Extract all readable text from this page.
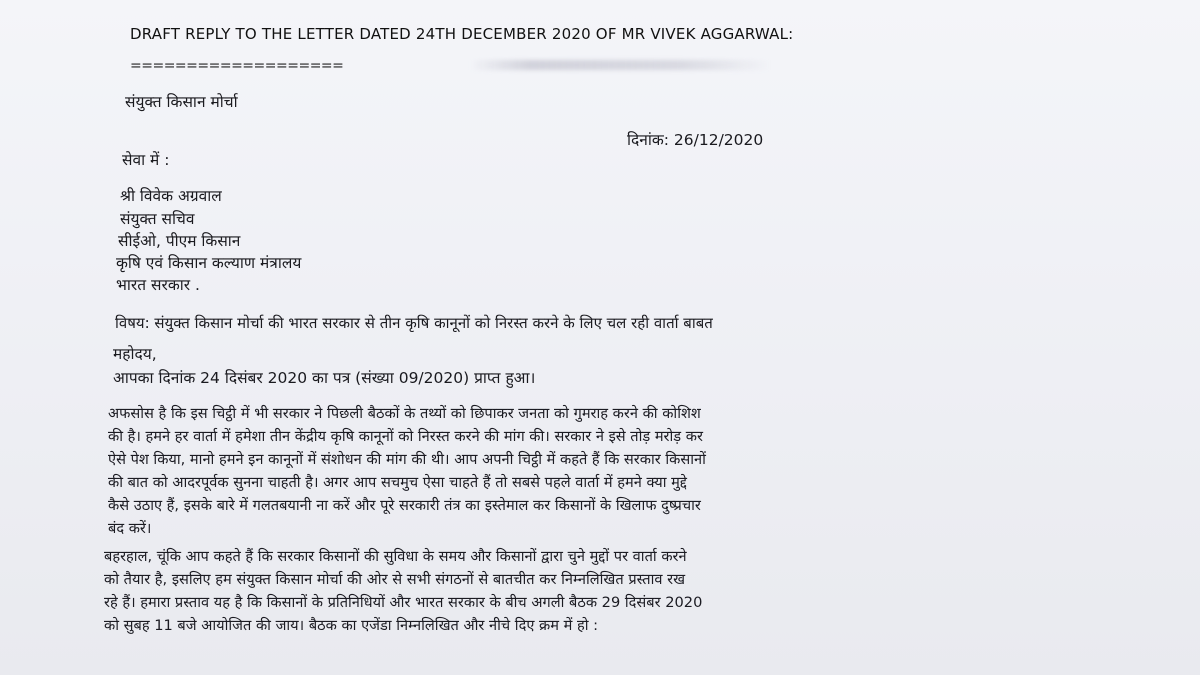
DRAFT REPLY TO THE LETTER DATED 24TH DECEMBER 2020 OF MR VIVEK AGGARWAL:
===================
संयुक्त किसान मोर्चा
दिनांक: 26/12/2020
सेवा में :
श्री विवेक अग्रवाल
संयुक्त सचिव
सीईओ, पीएम किसान
कृषि एवं किसान कल्याण मंत्रालय
भारत सरकार .
विषय: संयुक्त किसान मोर्चा की भारत सरकार से तीन कृषि कानूनों को निरस्त करने के लिए चल रही वार्ता बाबत
महोदय,
आपका दिनांक 24 दिसंबर 2020 का पत्र (संख्या 09/2020) प्राप्त हुआ।
अफसोस है कि इस चिट्ठी में भी सरकार ने पिछली बैठकों के तथ्यों को छिपाकर जनता को गुमराह करने की कोशिश
की है। हमने हर वार्ता में हमेशा तीन केंद्रीय कृषि कानूनों को निरस्त करने की मांग की। सरकार ने इसे तोड़ मरोड़ कर
ऐसे पेश किया, मानो हमने इन कानूनों में संशोधन की मांग की थी। आप अपनी चिट्ठी में कहते हैं कि सरकार किसानों
की बात को आदरपूर्वक सुनना चाहती है। अगर आप सचमुच ऐसा चाहते हैं तो सबसे पहले वार्ता में हमने क्या मुद्दे
कैसे उठाए हैं, इसके बारे में गलतबयानी ना करें और पूरे सरकारी तंत्र का इस्तेमाल कर किसानों के खिलाफ दुष्प्रचार
बंद करें।
बहरहाल, चूंकि आप कहते हैं कि सरकार किसानों की सुविधा के समय और किसानों द्वारा चुने मुद्दों पर वार्ता करने
को तैयार है, इसलिए हम संयुक्त किसान मोर्चा की ओर से सभी संगठनों से बातचीत कर निम्नलिखित प्रस्ताव रख
रहे हैं। हमारा प्रस्ताव यह है कि किसानों के प्रतिनिधियों और भारत सरकार के बीच अगली बैठक 29 दिसंबर 2020
को सुबह 11 बजे आयोजित की जाय। बैठक का एजेंडा निम्नलिखित और नीचे दिए क्रम में हो :
